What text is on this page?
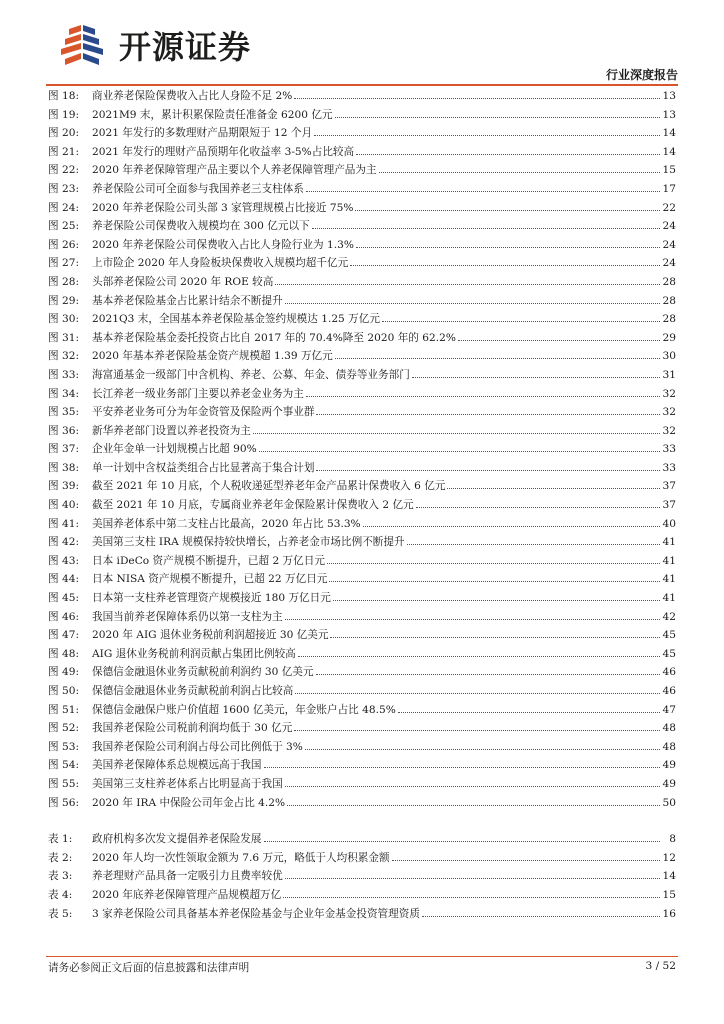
开源证券
行业深度报告
图 18:	商业养老保险保费收入占比人身险不足 2%	13
图 19:	2021M9 末，累计积累保险责任准备金 6200 亿元	13
图 20:	2021 年发行的多数理财产品期限短于 12 个月	14
图 21:	2021 年发行的理财产品预期年化收益率 3-5%占比较高	14
图 22:	2020 年养老保障管理产品主要以个人养老保障管理产品为主	15
图 23:	养老保险公司可全面参与我国养老三支柱体系	17
图 24:	2020 年养老保险公司头部 3 家管理规模占比接近 75%	22
图 25:	养老保险公司保费收入规模均在 300 亿元以下	24
图 26:	2020 年养老保险公司保费收入占比人身险行业为 1.3%	24
图 27:	上市险企 2020 年人身险板块保费收入规模均超千亿元	24
图 28:	头部养老保险公司 2020 年 ROE 较高	28
图 29:	基本养老保险基金占比累计结余不断提升	28
图 30:	2021Q3 末，全国基本养老保险基金签约规模达 1.25 万亿元	28
图 31:	基本养老保险基金委托投资占比自 2017 年的 70.4%降至 2020 年的 62.2%	29
图 32:	2020 年基本养老保险基金资产规模超 1.39 万亿元	30
图 33:	海富通基金一级部门中含机构、养老、公募、年金、债券等业务部门	31
图 34:	长江养老一级业务部门主要以养老金业务为主	32
图 35:	平安养老业务可分为年金资管及保险两个事业群	32
图 36:	新华养老部门设置以养老投资为主	32
图 37:	企业年金单一计划规模占比超 90%	33
图 38:	单一计划中含权益类组合占比显著高于集合计划	33
图 39:	截至 2021 年 10 月底，个人税收递延型养老年金产品累计保费收入 6 亿元	37
图 40:	截至 2021 年 10 月底，专属商业养老年金保险累计保费收入 2 亿元	37
图 41:	美国养老体系中第二支柱占比最高，2020 年占比 53.3%	40
图 42:	美国第三支柱 IRA 规模保持较快增长，占养老金市场比例不断提升	41
图 43:	日本 iDeCo 资产规模不断提升，已超 2 万亿日元	41
图 44:	日本 NISA 资产规模不断提升，已超 22 万亿日元	41
图 45:	日本第一支柱养老管理资产规模接近 180 万亿日元	41
图 46:	我国当前养老保障体系仍以第一支柱为主	42
图 47:	2020 年 AIG 退休业务税前利润超接近 30 亿美元	45
图 48:	AIG 退休业务税前利润贡献占集团比例较高	45
图 49:	保德信金融退休业务贡献税前利润约 30 亿美元	46
图 50:	保德信金融退休业务贡献税前利润占比较高	46
图 51:	保德信金融保户账户价值超 1600 亿美元，年金账户占比 48.5%	47
图 52:	我国养老保险公司税前利润均低于 30 亿元	48
图 53:	我国养老保险公司利润占母公司比例低于 3%	48
图 54:	美国养老保障体系总规模远高于我国	49
图 55:	美国第三支柱养老体系占比明显高于我国	49
图 56:	2020 年 IRA 中保险公司年金占比 4.2%	50
表 1:	政府机构多次发文提倡养老保险发展	8
表 2:	2020 年人均一次性领取金额为 7.6 万元，略低于人均积累金额	12
表 3:	养老理财产品具备一定吸引力且费率较优	14
表 4:	2020 年底养老保障管理产品规模超万亿	15
表 5:	3 家养老保险公司具备基本养老保险基金与企业年金基金投资管理资质	16
请务必参阅正文后面的信息披露和法律声明	3 / 52
